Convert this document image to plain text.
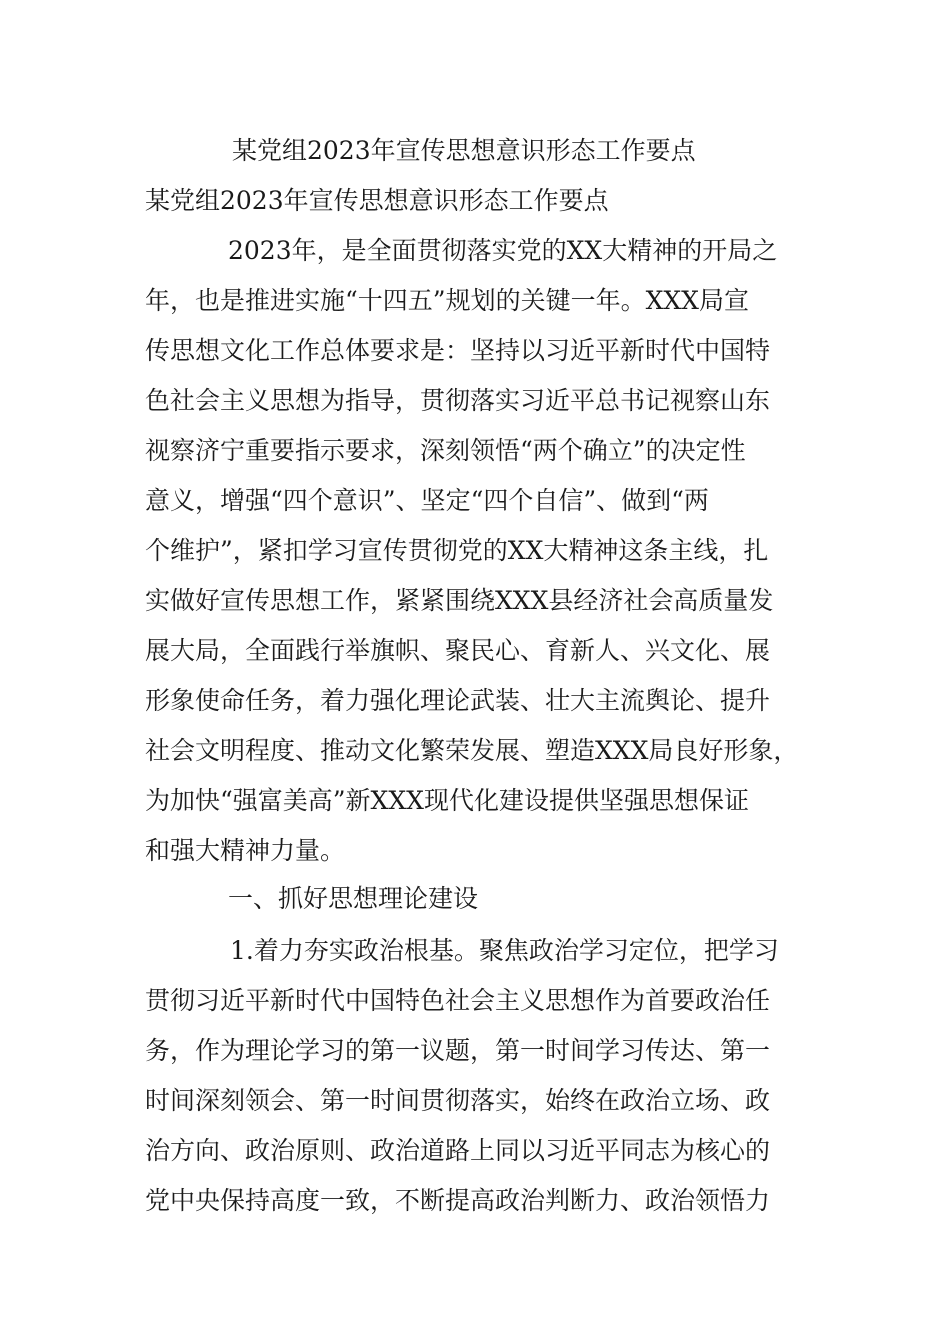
某党组2023年宣传思想意识形态工作要点
某党组2023年宣传思想意识形态工作要点
2023年，是全面贯彻落实党的XX大精神的开局之
年，也是推进实施“十四五”规划的关键一年。XXX局宣
传思想文化工作总体要求是：坚持以习近平新时代中国特
色社会主义思想为指导，贯彻落实习近平总书记视察山东
视察济宁重要指示要求，深刻领悟“两个确立”的决定性
意义，增强“四个意识”、坚定“四个自信”、做到“两
个维护”，紧扣学习宣传贯彻党的XX大精神这条主线，扎
实做好宣传思想工作，紧紧围绕XXX县经济社会高质量发
展大局，全面践行举旗帜、聚民心、育新人、兴文化、展
形象使命任务，着力强化理论武装、壮大主流舆论、提升
社会文明程度、推动文化繁荣发展、塑造XXX局良好形象，
为加快“强富美高”新XXX现代化建设提供坚强思想保证
和强大精神力量。
一、抓好思想理论建设
1.着力夯实政治根基。聚焦政治学习定位，把学习
贯彻习近平新时代中国特色社会主义思想作为首要政治任
务，作为理论学习的第一议题，第一时间学习传达、第一
时间深刻领会、第一时间贯彻落实，始终在政治立场、政
治方向、政治原则、政治道路上同以习近平同志为核心的
党中央保持高度一致，不断提高政治判断力、政治领悟力
